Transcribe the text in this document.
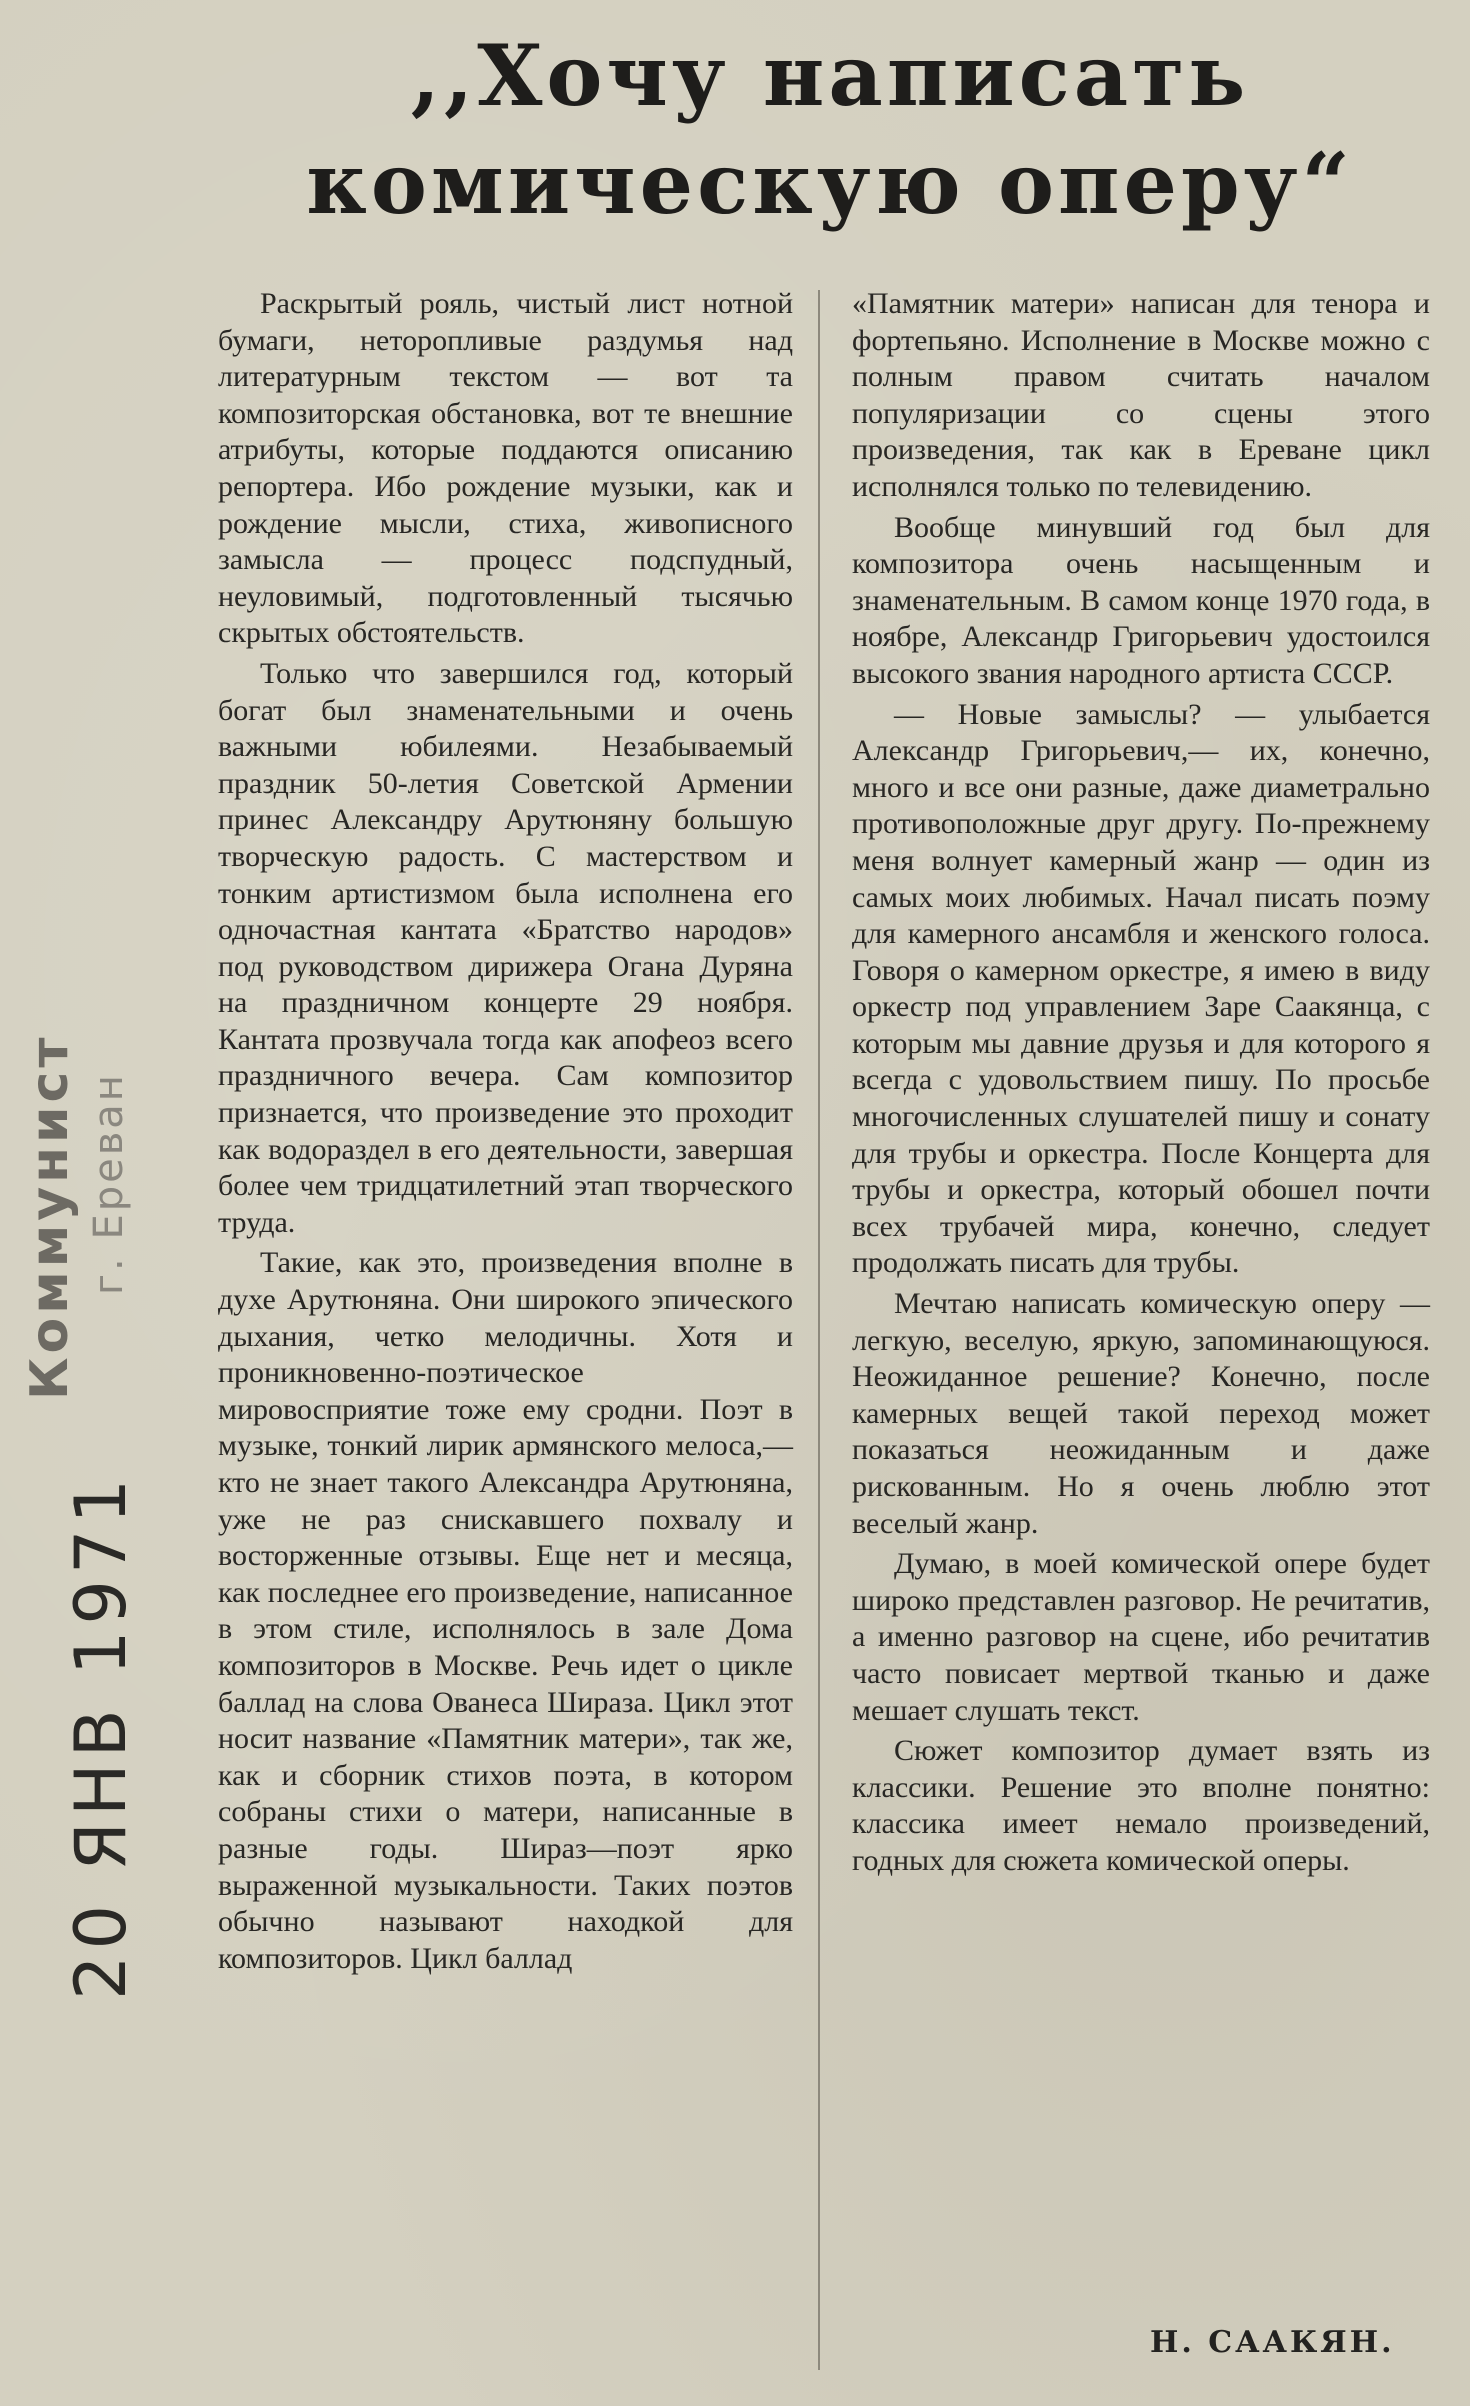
Коммунист г. Ереван
20 ЯНВ 1971
,,Хочу написать
комическую оперу“

Раскрытый рояль, чистый лист нотной бумаги, неторопливые раздумья над литературным текстом — вот та композиторская обстановка, вот те внешние атрибуты, которые поддаются описанию репортера. Ибо рождение музыки, как и рождение мысли, стиха, живописного замысла — процесс подспудный, неуловимый, подготовленный тысячью скрытых обстоятельств.

Только что завершился год, который богат был знаменательными и очень важными юбилеями. Незабываемый праздник 50-летия Советской Армении принес Александру Арутюняну большую творческую радость. С мастерством и тонким артистизмом была исполнена его одночастная кантата «Братство народов» под руководством дирижера Огана Дуряна на праздничном концерте 29 ноября. Кантата прозвучала тогда как апофеоз всего праздничного вечера. Сам композитор признается, что произведение это проходит как водораздел в его деятельности, завершая более чем тридцатилетний этап творческого труда.

Такие, как это, произведения вполне в духе Арутюняна. Они широкого эпического дыхания, четко мелодичны. Хотя и проникновенно-поэтическое мировосприятие тоже ему сродни. Поэт в музыке, тонкий лирик армянского мелоса,— кто не знает такого Александра Арутюняна, уже не раз снискавшего похвалу и восторженные отзывы. Еще нет и месяца, как последнее его произведение, написанное в этом стиле, исполнялось в зале Дома композиторов в Москве. Речь идет о цикле баллад на слова Ованеса Шираза. Цикл этот носит название «Памятник матери», так же, как и сборник стихов поэта, в котором собраны стихи о матери, написанные в разные годы. Шираз—поэт ярко выраженной музыкальности. Таких поэтов обычно называют находкой для композиторов. Цикл баллад

«Памятник матери» написан для тенора и фортепьяно. Исполнение в Москве можно с полным правом считать началом популяризации со сцены этого произведения, так как в Ереване цикл исполнялся только по телевидению.

Вообще минувший год был для композитора очень насыщенным и знаменательным. В самом конце 1970 года, в ноябре, Александр Григорьевич удостоился высокого звания народного артиста СССР.

— Новые замыслы? — улыбается Александр Григорьевич,— их, конечно, много и все они разные, даже диаметрально противоположные друг другу. По-прежнему меня волнует камерный жанр — один из самых моих любимых. Начал писать поэму для камерного ансамбля и женского голоса. Говоря о камерном оркестре, я имею в виду оркестр под управлением Заре Саакянца, с которым мы давние друзья и для которого я всегда с удовольствием пишу. По просьбе многочисленных слушателей пишу и сонату для трубы и оркестра. После Концерта для трубы и оркестра, который обошел почти всех трубачей мира, конечно, следует продолжать писать для трубы.

Мечтаю написать комическую оперу — легкую, веселую, яркую, запоминающуюся. Неожиданное решение? Конечно, после камерных вещей такой переход может показаться неожиданным и даже рискованным. Но я очень люблю этот веселый жанр.

Думаю, в моей комической опере будет широко представлен разговор. Не речитатив, а именно разговор на сцене, ибо речитатив часто повисает мертвой тканью и даже мешает слушать текст.

Сюжет композитор думает взять из классики. Решение это вполне понятно: классика имеет немало произведений, годных для сюжета комической оперы.

Н. СААКЯН.
